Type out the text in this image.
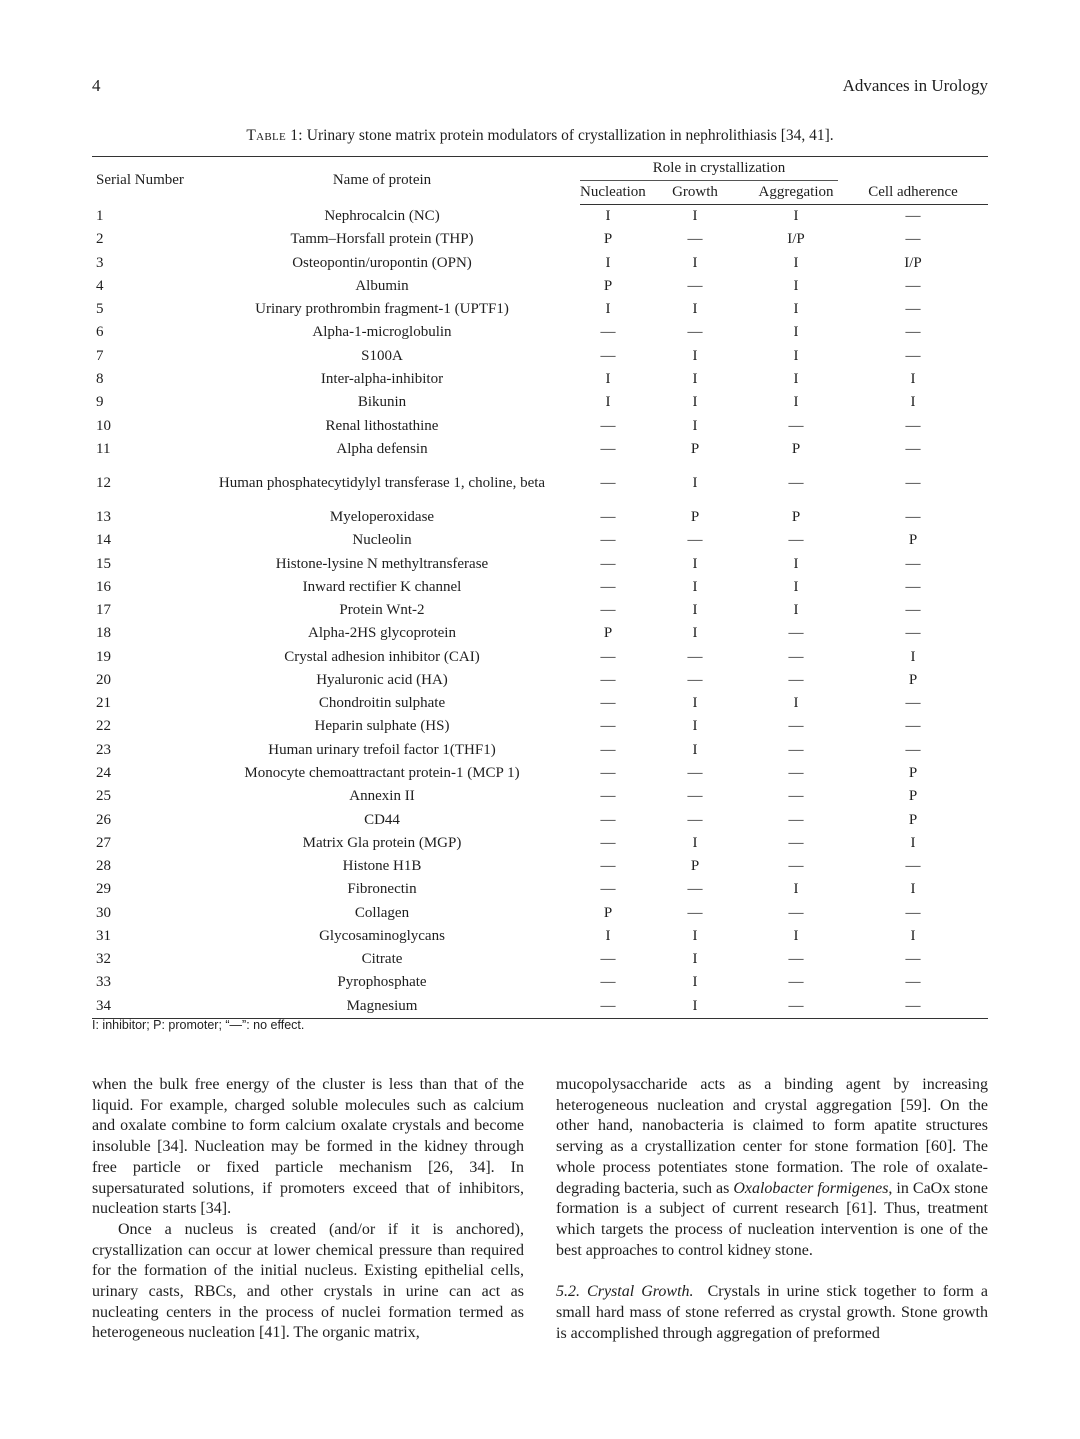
4	Advances in Urology
Table 1: Urinary stone matrix protein modulators of crystallization in nephrolithiasis [34, 41].
Serial Number	Name of protein	Role in crystallization			
		Nucleation	Growth	Aggregation	Cell adherence
1	Nephrocalcin (NC)	I	I	I	—
2	Tamm–Horsfall protein (THP)	P	—	I/P	—
3	Osteopontin/uropontin (OPN)	I	I	I	I/P
4	Albumin	P	—	I	—
5	Urinary prothrombin fragment-1 (UPTF1)	I	I	I	—
6	Alpha-1-microglobulin	—	—	I	—
7	S100A	—	I	I	—
8	Inter-alpha-inhibitor	I	I	I	I
9	Bikunin	I	I	I	I
10	Renal lithostathine	—	I	—	—
11	Alpha defensin	—	P	P	—
12	Human phosphatecytidylyl transferase 1, choline, beta	—	I	—	—
13	Myeloperoxidase	—	P	P	—
14	Nucleolin	—	—	—	P
15	Histone-lysine N methyltransferase	—	I	I	—
16	Inward rectifier K channel	—	I	I	—
17	Protein Wnt-2	—	I	I	—
18	Alpha-2HS glycoprotein	P	I	—	—
19	Crystal adhesion inhibitor (CAI)	—	—	—	I
20	Hyaluronic acid (HA)	—	—	—	P
21	Chondroitin sulphate	—	I	I	—
22	Heparin sulphate (HS)	—	I	—	—
23	Human urinary trefoil factor 1(THF1)	—	I	—	—
24	Monocyte chemoattractant protein-1 (MCP 1)	—	—	—	P
25	Annexin II	—	—	—	P
26	CD44	—	—	—	P
27	Matrix Gla protein (MGP)	—	I	—	I
28	Histone H1B	—	P	—	—
29	Fibronectin	—	—	I	I
30	Collagen	P	—	—	—
31	Glycosaminoglycans	I	I	I	I
32	Citrate	—	I	—	—
33	Pyrophosphate	—	I	—	—
34	Magnesium	—	I	—	—
I: inhibitor; P: promoter; “—”: no effect.

when the bulk free energy of the cluster is less than that of the liquid. For example, charged soluble molecules such as calcium and oxalate combine to form calcium oxalate crystals and become insoluble [34]. Nucleation may be formed in the kidney through free particle or fixed particle mechanism [26, 34]. In supersaturated solutions, if promoters exceed that of inhibitors, nucleation starts [34].

Once a nucleus is created (and/or if it is anchored), crystallization can occur at lower chemical pressure than required for the formation of the initial nucleus. Existing epithelial cells, urinary casts, RBCs, and other crystals in urine can act as nucleating centers in the process of nuclei formation termed as heterogeneous nucleation [41]. The organic matrix,

mucopolysaccharide acts as a binding agent by increasing heterogeneous nucleation and crystal aggregation [59]. On the other hand, nanobacteria is claimed to form apatite structures serving as a crystallization center for stone formation [60]. The whole process potentiates stone formation. The role of oxalate-degrading bacteria, such as Oxalobacter formigenes, in CaOx stone formation is a subject of current research [61]. Thus, treatment which targets the process of nucleation intervention is one of the best approaches to control kidney stone.

5.2. Crystal Growth. Crystals in urine stick together to form a small hard mass of stone referred as crystal growth. Stone growth is accomplished through aggregation of preformed
